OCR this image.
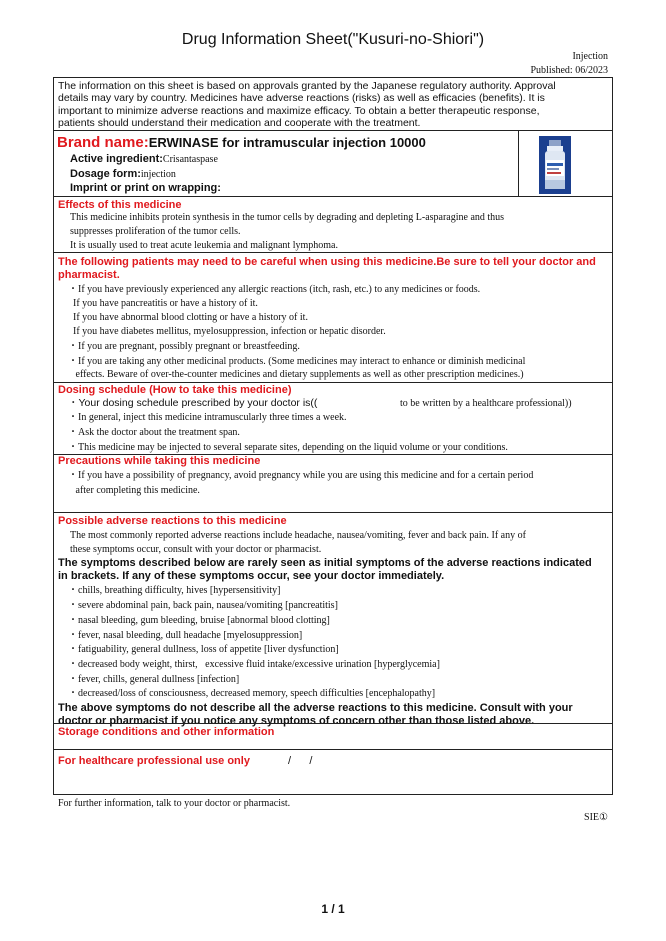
Drug Information Sheet("Kusuri-no-Shiori")
Injection
Published: 06/2023
The information on this sheet is based on approvals granted by the Japanese regulatory authority. Approval
details may vary by country. Medicines have adverse reactions (risks) as well as efficacies (benefits). It is
important to minimize adverse reactions and maximize efficacy. To obtain a better therapeutic response,
patients should understand their medication and cooperate with the treatment.
Brand name:ERWINASE for intramuscular injection 10000
Active ingredient:Crisantaspase
Dosage form:injection
Imprint or print on wrapping:
Effects of this medicine
This medicine inhibits protein synthesis in the tumor cells by degrading and depleting L-asparagine and thus
suppresses proliferation of the tumor cells.
It is usually used to treat acute leukemia and malignant lymphoma.
The following patients may need to be careful when using this medicine.Be sure to tell your doctor and
pharmacist.
・If you have previously experienced any allergic reactions (itch, rash, etc.) to any medicines or foods.
If you have pancreatitis or have a history of it.
If you have abnormal blood clotting or have a history of it.
If you have diabetes mellitus, myelosuppression, infection or hepatic disorder.
・If you are pregnant, possibly pregnant or breastfeeding.
・If you are taking any other medicinal products. (Some medicines may interact to enhance or diminish medicinal
effects. Beware of over-the-counter medicines and dietary supplements as well as other prescription medicines.)
Dosing schedule (How to take this medicine)
・Your dosing schedule prescribed by your doctor is((	to be written by a healthcare professional))
・In general, inject this medicine intramuscularly three times a week.
・Ask the doctor about the treatment span.
・This medicine may be injected to several separate sites, depending on the liquid volume or your conditions.
Precautions while taking this medicine
・If you have a possibility of pregnancy, avoid pregnancy while you are using this medicine and for a certain period
after completing this medicine.
Possible adverse reactions to this medicine
The most commonly reported adverse reactions include headache, nausea/vomiting, fever and back pain. If any of
these symptoms occur, consult with your doctor or pharmacist.
The symptoms described below are rarely seen as initial symptoms of the adverse reactions indicated
in brackets. If any of these symptoms occur, see your doctor immediately.
・chills, breathing difficulty, hives [hypersensitivity]
・severe abdominal pain, back pain, nausea/vomiting [pancreatitis]
・nasal bleeding, gum bleeding, bruise [abnormal blood clotting]
・fever, nasal bleeding, dull headache [myelosuppression]
・fatiguability, general dullness, loss of appetite [liver dysfunction]
・decreased body weight, thirst,   excessive fluid intake/excessive urination [hyperglycemia]
・fever, chills, general dullness [infection]
・decreased/loss of consciousness, decreased memory, speech difficulties [encephalopathy]
The above symptoms do not describe all the adverse reactions to this medicine. Consult with your
doctor or pharmacist if you notice any symptoms of concern other than those listed above.
Storage conditions and other information
For healthcare professional use only	/      /
For further information, talk to your doctor or pharmacist.
SIE①
1 / 1
